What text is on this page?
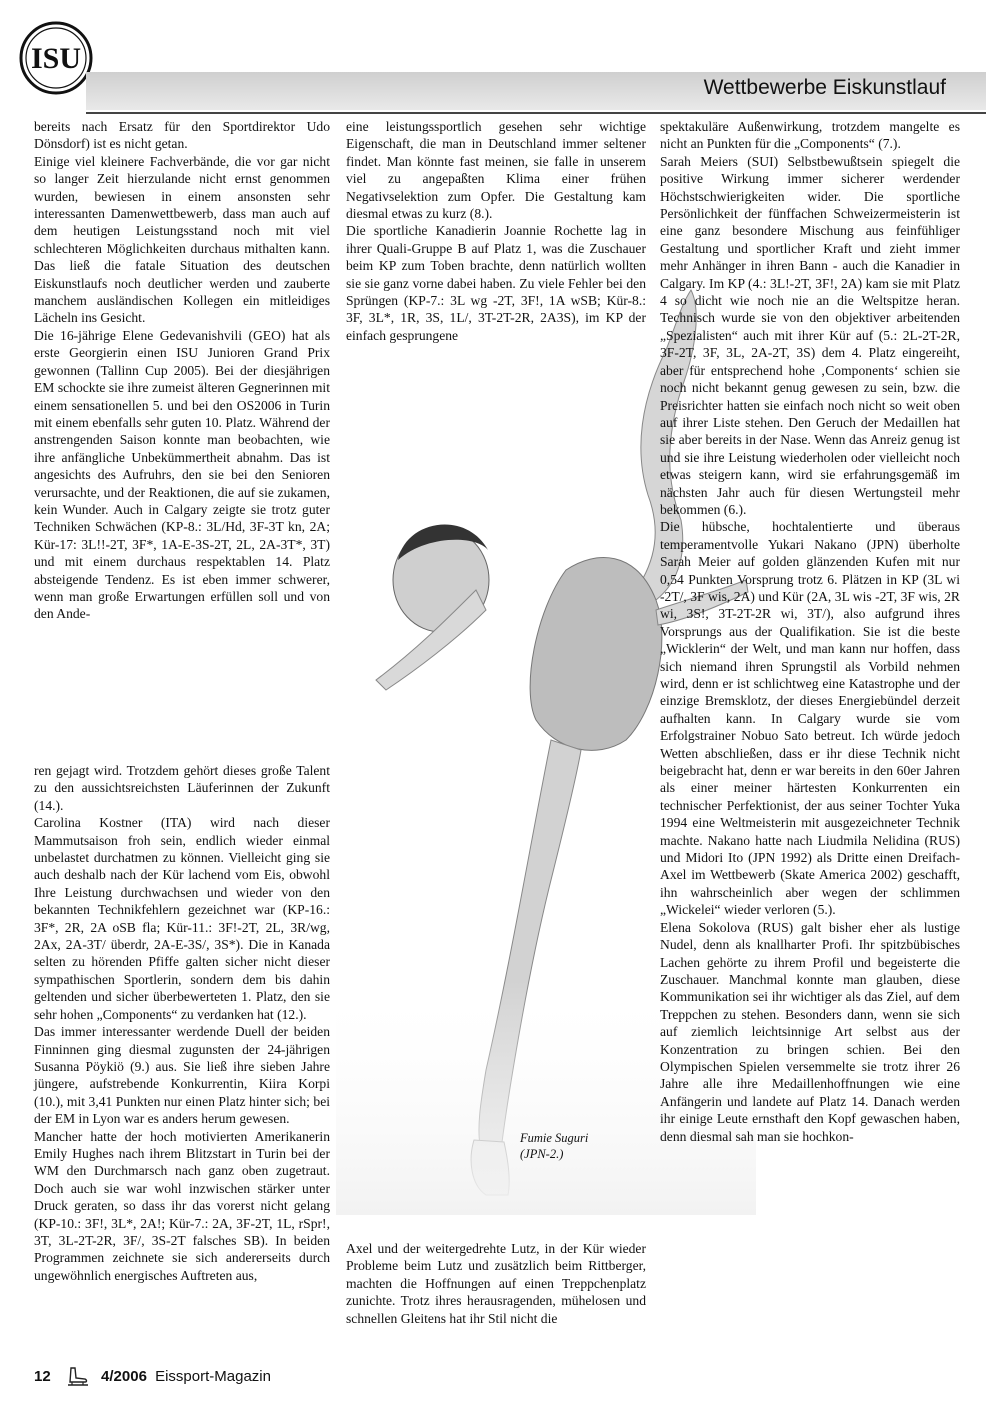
ISU
Wettbewerbe Eiskunstlauf
Fumie Suguri
(JPN-2.)

bereits nach Ersatz für den Sportdirektor Udo Dönsdorf) ist es nicht getan.

Einige viel kleinere Fachverbände, die vor gar nicht so langer Zeit hierzulande nicht ernst genommen wurden, bewiesen in einem ansonsten sehr interessanten Damenwettbewerb, dass man auch auf dem heutigen Leistungsstand noch mit viel schlechteren Möglichkeiten durchaus mithalten kann. Das ließ die fatale Situation des deutschen Eiskunstlaufs noch deutlicher werden und zauberte manchem ausländischen Kollegen ein mitleidiges Lächeln ins Gesicht.

Die 16-jährige Elene Gedevanishvili (GEO) hat als erste Georgierin einen ISU Junioren Grand Prix gewonnen (Tallinn Cup 2005). Bei der diesjährigen EM schockte sie ihre zumeist älteren Gegnerinnen mit einem sensationellen 5. und bei den OS2006 in Turin mit einem ebenfalls sehr guten 10. Platz. Während der anstrengenden Saison konnte man beobachten, wie ihre anfängliche Unbekümmertheit abnahm. Das ist angesichts des Aufruhrs, den sie bei den Senioren verursachte, und der Reaktionen, die auf sie zukamen, kein Wunder. Auch in Calgary zeigte sie trotz guter Techniken Schwächen (KP-8.: 3L/Hd, 3F-3T kn, 2A; Kür-17: 3L!!-2T, 3F*, 1A-E-3S-2T, 2L, 2A-3T*, 3T) und mit einem durchaus respektablen 14. Platz absteigende Tendenz. Es ist eben immer schwerer, wenn man große Erwartungen erfüllen soll und von den Ande-

ren gejagt wird. Trotzdem gehört dieses große Talent zu den aussichtsreichsten Läuferinnen der Zukunft (14.).

Carolina Kostner (ITA) wird nach dieser Mammutsaison froh sein, endlich wieder einmal unbelastet durchatmen zu können. Vielleicht ging sie auch deshalb nach der Kür lachend vom Eis, obwohl Ihre Leistung durchwachsen und wieder von den bekannten Technikfehlern gezeichnet war (KP-16.: 3F*, 2R, 2A oSB fla; Kür-11.: 3F!-2T, 2L, 3R/wg, 2Ax, 2A-3T/ überdr, 2A-E-3S/, 3S*). Die in Kanada selten zu hörenden Pfiffe galten sicher nicht dieser sympathischen Sportlerin, sondern dem bis dahin geltenden und sicher überbewerteten 1. Platz, den sie sehr hohen „Components“ zu verdanken hat (12.).

Das immer interessanter werdende Duell der beiden Finninnen ging diesmal zugunsten der 24-jährigen Susanna Pöykiö (9.) aus. Sie ließ ihre sieben Jahre jüngere, aufstrebende Konkurrentin, Kiira Korpi (10.), mit 3,41 Punkten nur einen Platz hinter sich; bei der EM in Lyon war es anders herum gewesen.

Mancher hatte der hoch motivierten Amerikanerin Emily Hughes nach ihrem Blitzstart in Turin bei der WM den Durchmarsch nach ganz oben zugetraut. Doch auch sie war wohl inzwischen stärker unter Druck geraten, so dass ihr das vorerst nicht gelang (KP-10.: 3F!, 3L*, 2A!; Kür-7.: 2A, 3F-2T, 1L, rSpr!, 3T, 3L-2T-2R, 3F/, 3S-2T falsches SB). In beiden Programmen zeichnete sie sich andererseits durch ungewöhnlich energisches Auftreten aus,

eine leistungssportlich gesehen sehr wichtige Eigenschaft, die man in Deutschland immer seltener findet. Man könnte fast meinen, sie falle in unserem viel zu angepaßten Klima einer frühen Negativselektion zum Opfer. Die Gestaltung kam diesmal etwas zu kurz (8.).

Die sportliche Kanadierin Joannie Rochette lag in ihrer Quali-Gruppe B auf Platz 1, was die Zuschauer beim KP zum Toben brachte, denn natürlich wollten sie sie ganz vorne dabei haben. Zu viele Fehler bei den Sprüngen (KP-7.: 3L wg -2T, 3F!, 1A wSB; Kür-8.: 3F, 3L*, 1R, 3S, 1L/, 3T-2T-2R, 2A3S), im KP der einfach gesprungene

Axel und der weitergedrehte Lutz, in der Kür wieder Probleme beim Lutz und zusätzlich beim Rittberger, machten die Hoffnungen auf einen Treppchenplatz zunichte. Trotz ihres herausragenden, mühelosen und schnellen Gleitens hat ihr Stil nicht die

spektakuläre Außenwirkung, trotzdem mangelte es nicht an Punkten für die „Components“ (7.).

Sarah Meiers (SUI) Selbstbewußtsein spiegelt die positive Wirkung immer sicherer werdender Höchstschwierigkeiten wider. Die sportliche Persönlichkeit der fünffachen Schweizermeisterin ist eine ganz besondere Mischung aus feinfühliger Gestaltung und sportlicher Kraft und zieht immer mehr Anhänger in ihren Bann - auch die Kanadier in Calgary. Im KP (4.: 3L!-2T, 3F!, 2A) kam sie mit Platz 4 so dicht wie noch nie an die Weltspitze heran. Technisch wurde sie von den objektiver arbeitenden „Spezialisten“ auch mit ihrer Kür auf (5.: 2L-2T-2R, 3F-2T, 3F, 3L, 2A-2T, 3S) dem 4. Platz eingereiht, aber für entsprechend hohe ‚Components‘ schien sie noch nicht bekannt genug gewesen zu sein, bzw. die Preisrichter hatten sie einfach noch nicht so weit oben auf ihrer Liste stehen. Den Geruch der Medaillen hat sie aber bereits in der Nase. Wenn das Anreiz genug ist und sie ihre Leistung wiederholen oder vielleicht noch etwas steigern kann, wird sie erfahrungsgemäß im nächsten Jahr auch für diesen Wertungsteil mehr bekommen (6.).

Die hübsche, hochtalentierte und überaus temperamentvolle Yukari Nakano (JPN) überholte Sarah Meier auf golden glänzenden Kufen mit nur 0,54 Punkten Vorsprung trotz 6. Plätzen in KP (3L wi -2T/, 3F wis, 2A) und Kür (2A, 3L wis -2T, 3F wis, 2R wi, 3S!, 3T-2T-2R wi, 3T/), also aufgrund ihres Vorsprungs aus der Qualifikation. Sie ist die beste „Wicklerin“ der Welt, und man kann nur hoffen, dass sich niemand ihren Sprungstil als Vorbild nehmen wird, denn er ist schlichtweg eine Katastrophe und der einzige Bremsklotz, der dieses Energiebündel derzeit aufhalten kann. In Calgary wurde sie vom Erfolgstrainer Nobuo Sato betreut. Ich würde jedoch Wetten abschließen, dass er ihr diese Technik nicht beigebracht hat, denn er war bereits in den 60er Jahren als einer meiner härtesten Konkurrenten ein technischer Perfektionist, der aus seiner Tochter Yuka 1994 eine Weltmeisterin mit ausgezeichneter Technik machte. Nakano hatte nach Liudmila Nelidina (RUS) und Midori Ito (JPN 1992) als Dritte einen Dreifach-Axel im Wettbewerb (Skate America 2002) geschafft, ihn wahrscheinlich aber wegen der schlimmen „Wickelei“ wieder verloren (5.).

Elena Sokolova (RUS) galt bisher eher als lustige Nudel, denn als knallharter Profi. Ihr spitzbübisches Lachen gehörte zu ihrem Profil und begeisterte die Zuschauer. Manchmal konnte man glauben, diese Kommunikation sei ihr wichtiger als das Ziel, auf dem Treppchen zu stehen. Besonders dann, wenn sie sich auf ziemlich leichtsinnige Art selbst aus der Konzentration zu bringen schien. Bei den Olympischen Spielen versemmelte sie trotz ihrer 26 Jahre alle ihre Medaillenhoffnungen wie eine Anfängerin und landete auf Platz 14. Danach werden ihr einige Leute ernsthaft den Kopf gewaschen haben, denn diesmal sah man sie hochkon-

12	4/2006 Eissport-Magazin
